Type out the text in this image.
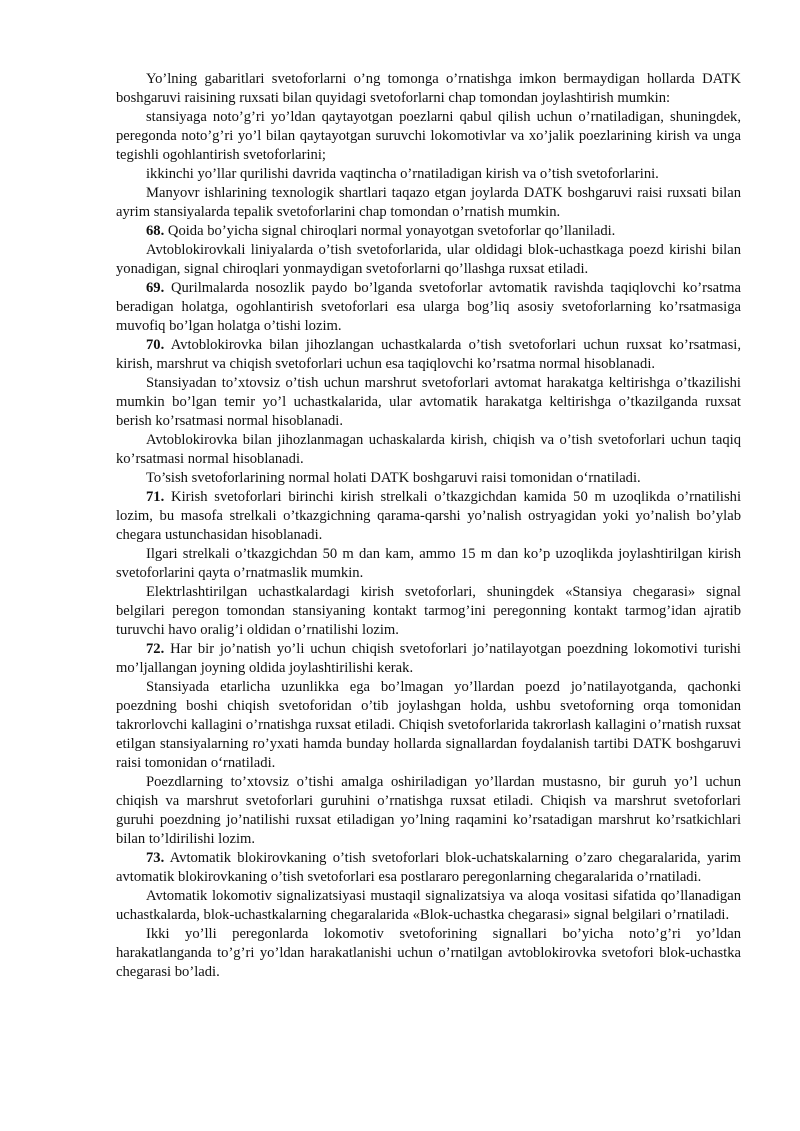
Yo’lning gabaritlari svetoforlarni o’ng tomonga o’rnatishga imkon bermaydigan hollarda DATK boshgaruvi raisining ruxsati bilan quyidagi svetoforlarni chap tomondan joylashtirish mumkin:

stansiyaga noto’g’ri yo’ldan qaytayotgan poezlarni qabul qilish uchun o’rnatiladigan, shuningdek, peregonda noto’g’ri yo’l bilan qaytayotgan suruvchi lokomotivlar va xo’jalik poezlarining kirish va unga tegishli ogohlantirish svetoforlarini;

ikkinchi yo’llar qurilishi davrida vaqtincha o’rnatiladigan kirish va o’tish svetoforlarini.

Manyovr ishlarining texnologik shartlari taqazo etgan joylarda DATK boshgaruvi raisi ruxsati bilan ayrim stansiyalarda tepalik svetoforlarini chap tomondan o’rnatish mumkin.

68. Qoida bo’yicha signal chiroqlari normal yonayotgan svetoforlar qo’llaniladi.

Avtoblokirovkali liniyalarda o’tish svetoforlarida, ular oldidagi blok-uchastkaga poezd kirishi bilan yonadigan, signal chiroqlari yonmaydigan svetoforlarni qo’llashga ruxsat etiladi.

69. Qurilmalarda nosozlik paydo bo’lganda svetoforlar avtomatik ravishda taqiqlovchi ko’rsatma beradigan holatga, ogohlantirish svetoforlari esa ularga bog’liq asosiy svetoforlarning ko’rsatmasiga muvofiq bo’lgan holatga o’tishi lozim.

70. Avtoblokirovka bilan jihozlangan uchastkalarda o’tish svetoforlari uchun ruxsat ko’rsatmasi, kirish, marshrut va chiqish svetoforlari uchun esa taqiqlovchi ko’rsatma normal hisoblanadi.

Stansiyadan to’xtovsiz o’tish uchun marshrut svetoforlari avtomat harakatga keltirishga o’tkazilishi mumkin bo’lgan temir yo’l uchastkalarida, ular avtomatik harakatga keltirishga o’tkazilganda ruxsat berish ko’rsatmasi normal hisoblanadi.

Avtoblokirovka bilan jihozlanmagan uchaskalarda kirish, chiqish va o’tish svetoforlari uchun taqiq ko’rsatmasi normal hisoblanadi.

To’sish svetoforlarining normal holati DATK boshgaruvi raisi tomonidan o‘rnatiladi.

71. Kirish svetoforlari birinchi kirish strelkali o’tkazgichdan kamida 50 m uzoqlikda o’rnatilishi lozim, bu masofa strelkali o’tkazgichning qarama-qarshi yo’nalish ostryagidan yoki yo’nalish bo’ylab chegara ustunchasidan hisoblanadi.

Ilgari strelkali o’tkazgichdan 50 m dan kam, ammo 15 m dan ko’p uzoqlikda joylashtirilgan kirish svetoforlarini qayta o’rnatmaslik mumkin.

Elektrlashtirilgan uchastkalardagi kirish svetoforlari, shuningdek «Stansiya chegarasi» signal belgilari peregon tomondan stansiyaning kontakt tarmog’ini peregonning kontakt tarmog’idan ajratib turuvchi havo oralig’i oldidan o’rnatilishi lozim.

72. Har bir jo’natish yo’li uchun chiqish svetoforlari jo’natilayotgan poezdning lokomotivi turishi mo’ljallangan joyning oldida joylashtirilishi kerak.

Stansiyada etarlicha uzunlikka ega bo’lmagan yo’llardan poezd jo’natilayotganda, qachonki poezdning boshi chiqish svetoforidan o’tib joylashgan holda, ushbu svetoforning orqa tomonidan takrorlovchi kallagini o’rnatishga ruxsat etiladi. Chiqish svetoforlarida takrorlash kallagini o’rnatish ruxsat etilgan stansiyalarning ro’yxati hamda bunday hollarda signallardan foydalanish tartibi DATK boshgaruvi raisi tomonidan o‘rnatiladi.

Poezdlarning to’xtovsiz o’tishi amalga oshiriladigan yo’llardan mustasno, bir guruh yo’l uchun chiqish va marshrut svetoforlari guruhini o’rnatishga ruxsat etiladi. Chiqish va marshrut svetoforlari guruhi poezdning jo’natilishi ruxsat etiladigan yo’lning raqamini ko’rsatadigan marshrut ko’rsatkichlari bilan to’ldirilishi lozim.

73. Avtomatik blokirovkaning o’tish svetoforlari blok-uchatskalarning o’zaro chegaralarida, yarim avtomatik blokirovkaning o’tish svetoforlari esa postlararo peregonlarning chegaralarida o’rnatiladi.

Avtomatik lokomotiv signalizatsiyasi mustaqil signalizatsiya va aloqa vositasi sifatida qo’llanadigan uchastkalarda, blok-uchastkalarning chegaralarida «Blok-uchastka chegarasi» signal belgilari o’rnatiladi.

Ikki yo’lli peregonlarda lokomotiv svetoforining signallari bo’yicha noto’g’ri yo’ldan harakatlanganda to’g’ri yo’ldan harakatlanishi uchun o’rnatilgan avtoblokirovka svetofori blok-uchastka chegarasi bo’ladi.
